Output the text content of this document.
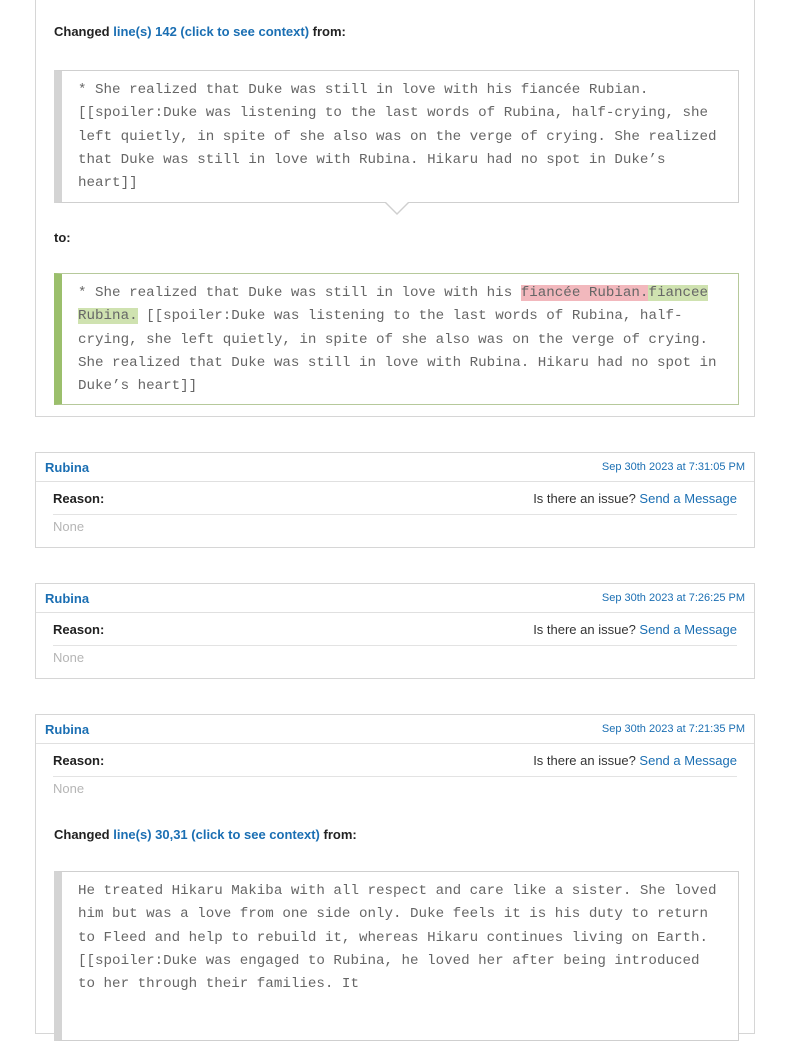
Changed line(s) 142 (click to see context) from:
* She realized that Duke was still in love with his fiancée Rubian. [[spoiler:Duke was listening to the last words of Rubina, half-crying, she left quietly, in spite of she also was on the verge of crying. She realized that Duke was still in love with Rubina. Hikaru had no spot in Duke’s heart]]
to:
* She realized that Duke was still in love with his fiancée Rubian.fiancee Rubina. [[spoiler:Duke was listening to the last words of Rubina, half-crying, she left quietly, in spite of she also was on the verge of crying. She realized that Duke was still in love with Rubina. Hikaru had no spot in Duke’s heart]]
Rubina	Sep 30th 2023 at 7:31:05 PM
Reason:	Is there an issue? Send a Message
None
Rubina	Sep 30th 2023 at 7:26:25 PM
Reason:	Is there an issue? Send a Message
None
Rubina	Sep 30th 2023 at 7:21:35 PM
Reason:	Is there an issue? Send a Message
None
Changed line(s) 30,31 (click to see context) from:
He treated Hikaru Makiba with all respect and care like a sister. She loved him but was a love from one side only. Duke feels it is his duty to return to Fleed and help to rebuild it, whereas Hikaru continues living on Earth.[[spoiler:Duke was engaged to Rubina, he loved her after being introduced to her through their families. It
